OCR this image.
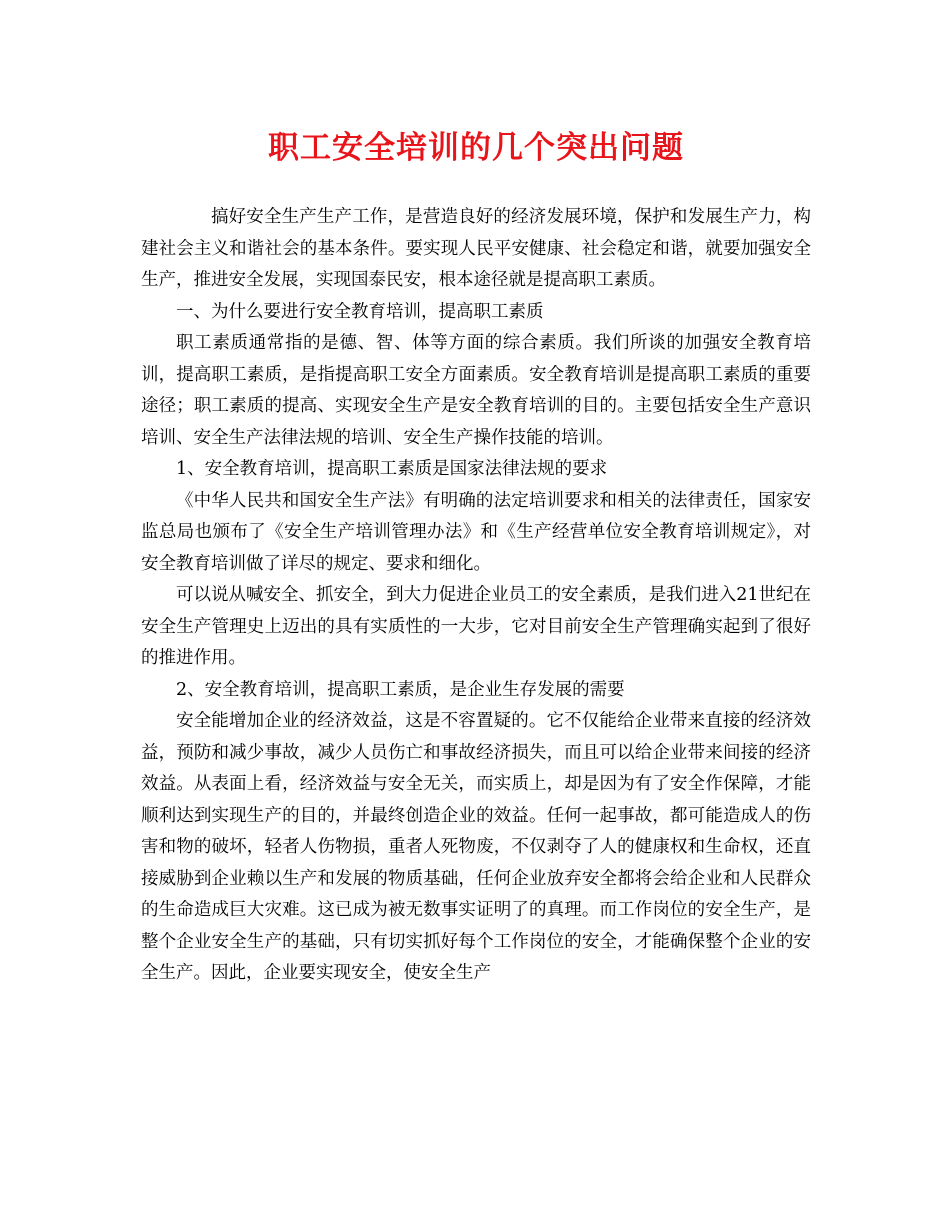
职工安全培训的几个突出问题

搞好安全生产生产工作，是营造良好的经济发展环境，保护和发展生产力，构建社会主义和谐社会的基本条件。要实现人民平安健康、社会稳定和谐，就要加强安全生产，推进安全发展，实现国泰民安，根本途径就是提高职工素质。

一、为什么要进行安全教育培训，提高职工素质

职工素质通常指的是德、智、体等方面的综合素质。我们所谈的加强安全教育培训，提高职工素质，是指提高职工安全方面素质。安全教育培训是提高职工素质的重要途径；职工素质的提高、实现安全生产是安全教育培训的目的。主要包括安全生产意识培训、安全生产法律法规的培训、安全生产操作技能的培训。

1、安全教育培训，提高职工素质是国家法律法规的要求

《中华人民共和国安全生产法》有明确的法定培训要求和相关的法律责任，国家安监总局也颁布了《安全生产培训管理办法》和《生产经营单位安全教育培训规定》，对安全教育培训做了详尽的规定、要求和细化。

可以说从喊安全、抓安全，到大力促进企业员工的安全素质，是我们进入21世纪在安全生产管理史上迈出的具有实质性的一大步，它对目前安全生产管理确实起到了很好的推进作用。

2、安全教育培训，提高职工素质，是企业生存发展的需要

安全能增加企业的经济效益，这是不容置疑的。它不仅能给企业带来直接的经济效益，预防和减少事故，减少人员伤亡和事故经济损失，而且可以给企业带来间接的经济效益。从表面上看，经济效益与安全无关，而实质上，却是因为有了安全作保障，才能顺利达到实现生产的目的，并最终创造企业的效益。任何一起事故，都可能造成人的伤害和物的破坏，轻者人伤物损，重者人死物废，不仅剥夺了人的健康权和生命权，还直接威胁到企业赖以生产和发展的物质基础，任何企业放弃安全都将会给企业和人民群众的生命造成巨大灾难。这已成为被无数事实证明了的真理。而工作岗位的安全生产，是整个企业安全生产的基础，只有切实抓好每个工作岗位的安全，才能确保整个企业的安全生产。因此，企业要实现安全，使安全生产
